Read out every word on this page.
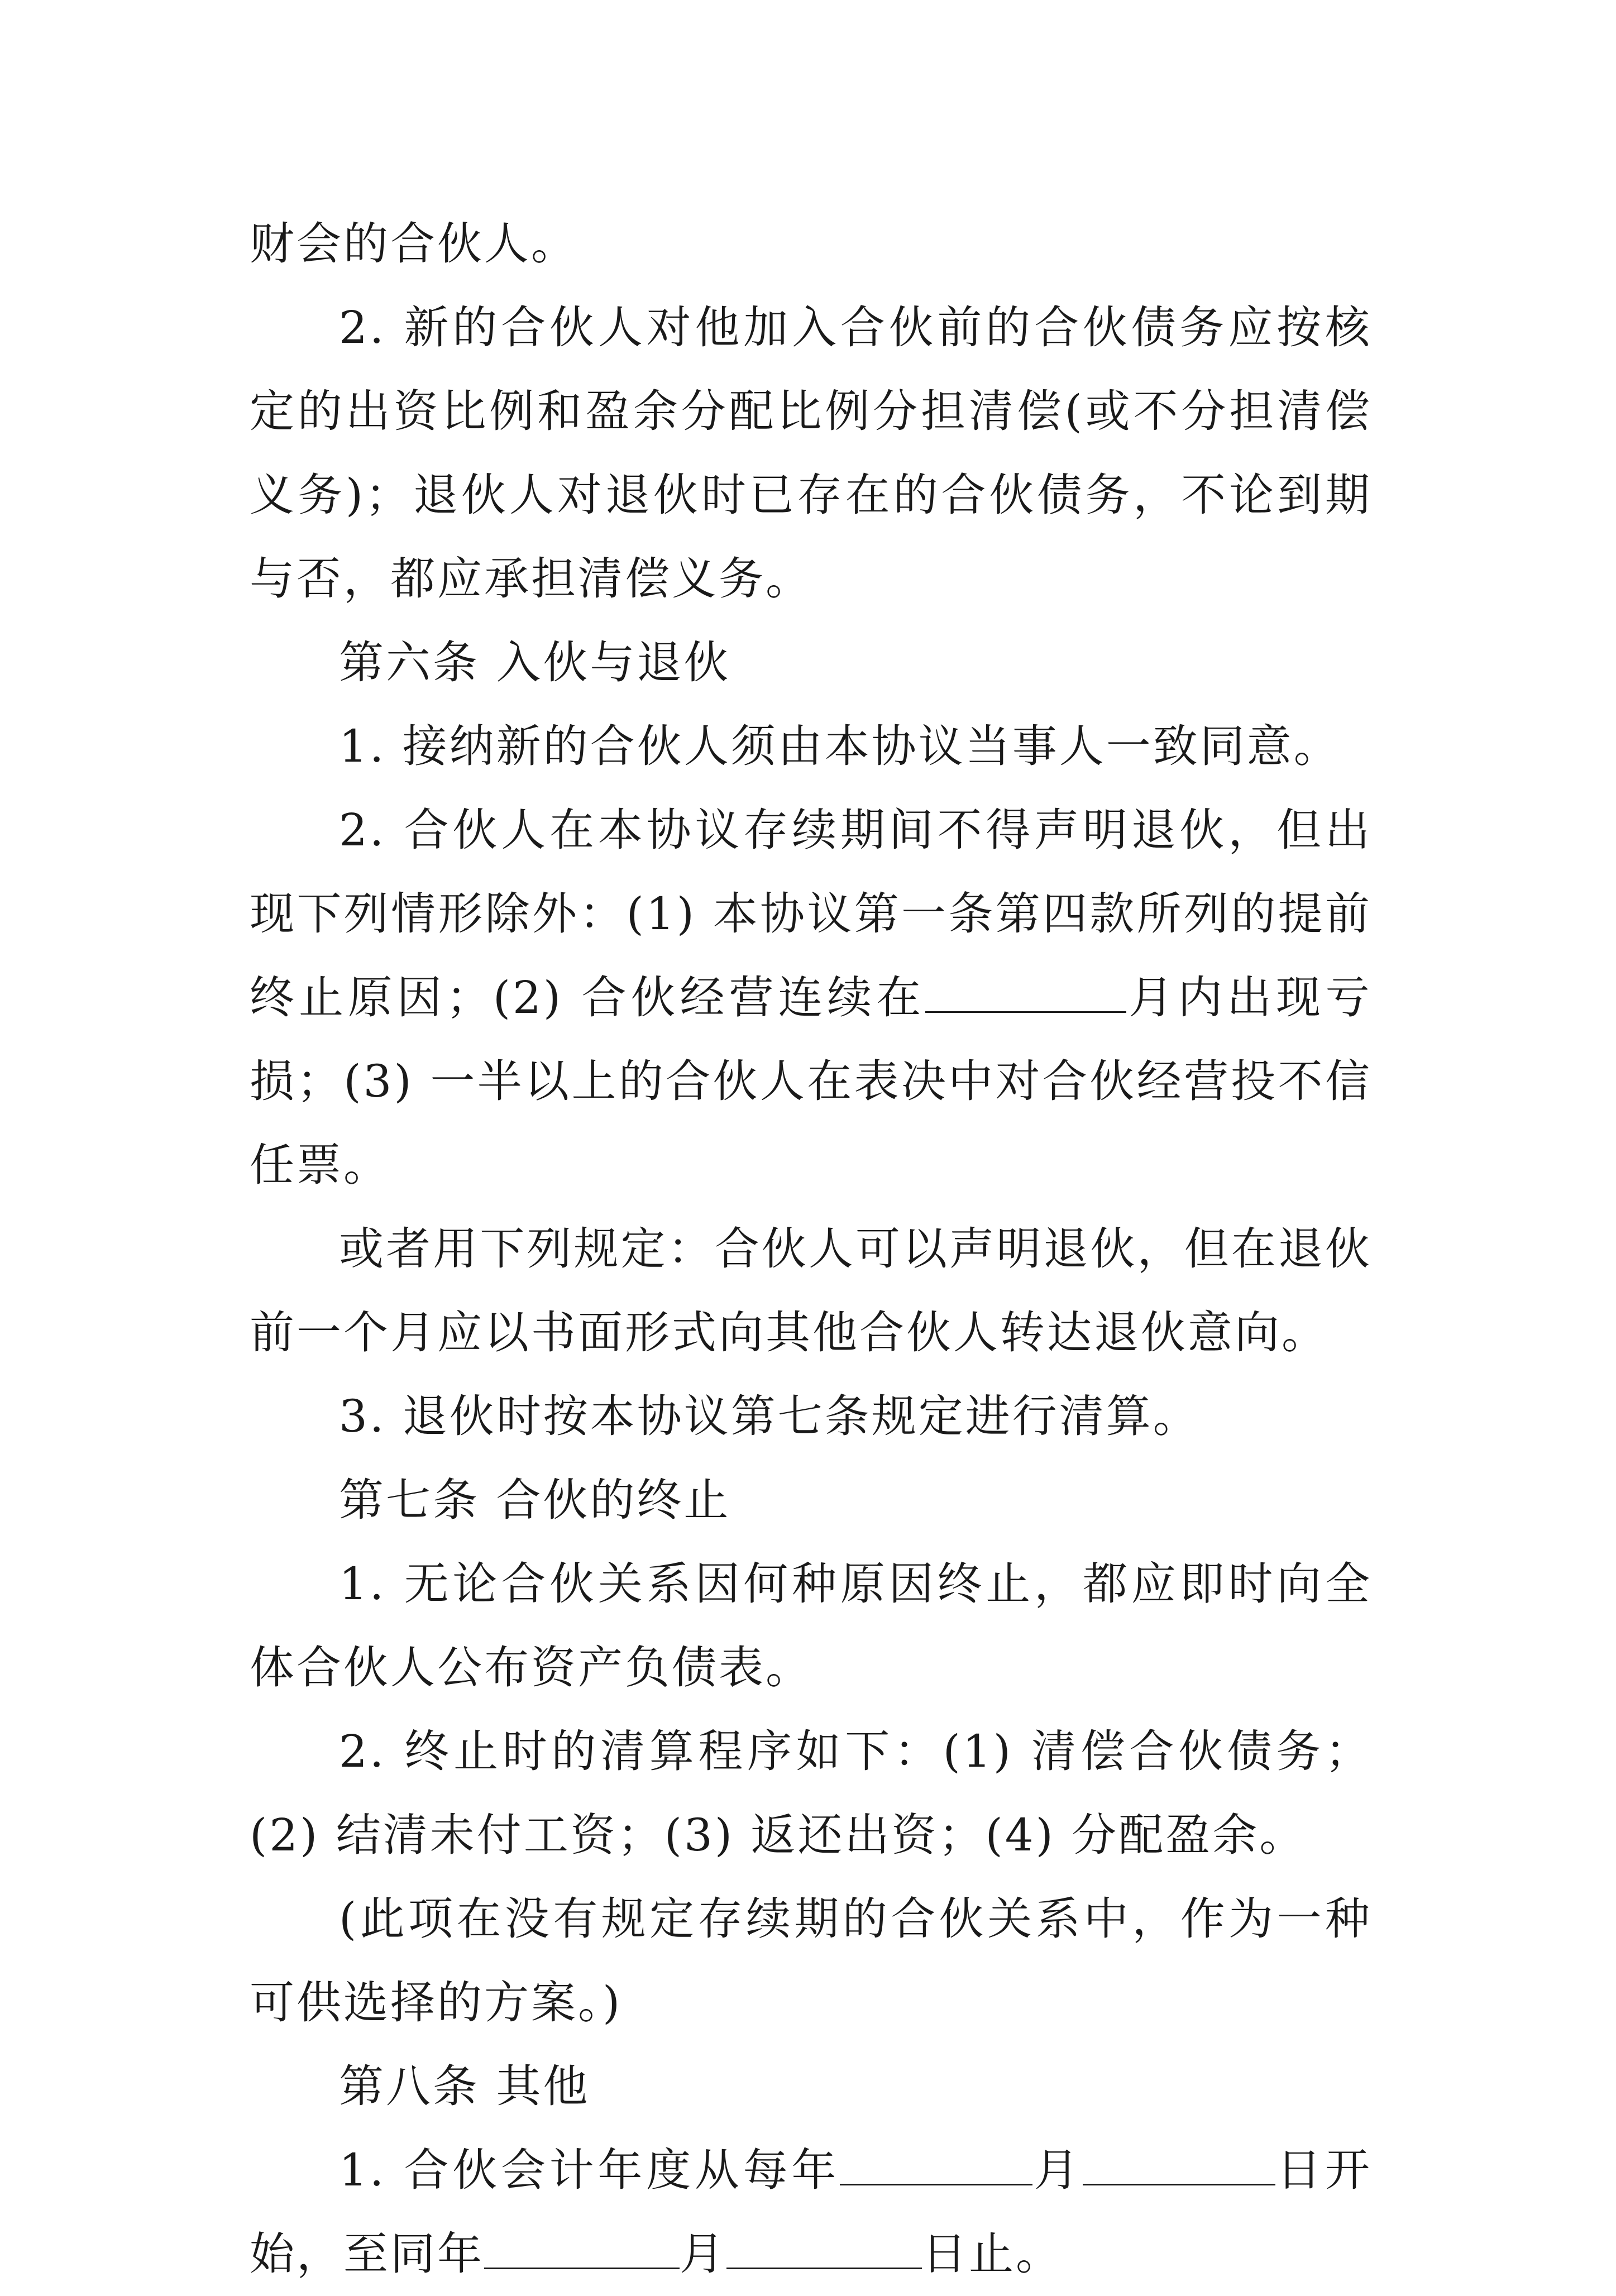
财会的合伙人。

2. 新的合伙人对他加入合伙前的合伙债务应按核定的出资比例和盈余分配比例分担清偿(或不分担清偿义务)；退伙人对退伙时已存在的合伙债务，不论到期与否，都应承担清偿义务。

第六条 入伙与退伙

1. 接纳新的合伙人须由本协议当事人一致同意。

2. 合伙人在本协议存续期间不得声明退伙，但出现下列情形除外：(1) 本协议第一条第四款所列的提前终止原因；(2) 合伙经营连续在	月内出现亏损；(3) 一半以上的合伙人在表决中对合伙经营投不信任票。

或者用下列规定：合伙人可以声明退伙，但在退伙前一个月应以书面形式向其他合伙人转达退伙意向。

3. 退伙时按本协议第七条规定进行清算。

第七条 合伙的终止

1. 无论合伙关系因何种原因终止，都应即时向全体合伙人公布资产负债表。

2. 终止时的清算程序如下：(1) 清偿合伙债务；(2) 结清未付工资；(3) 返还出资；(4) 分配盈余。

(此项在没有规定存续期的合伙关系中，作为一种可供选择的方案。)

第八条 其他

1. 合伙会计年度从每年	月	日开始，至同年	月	日止。
